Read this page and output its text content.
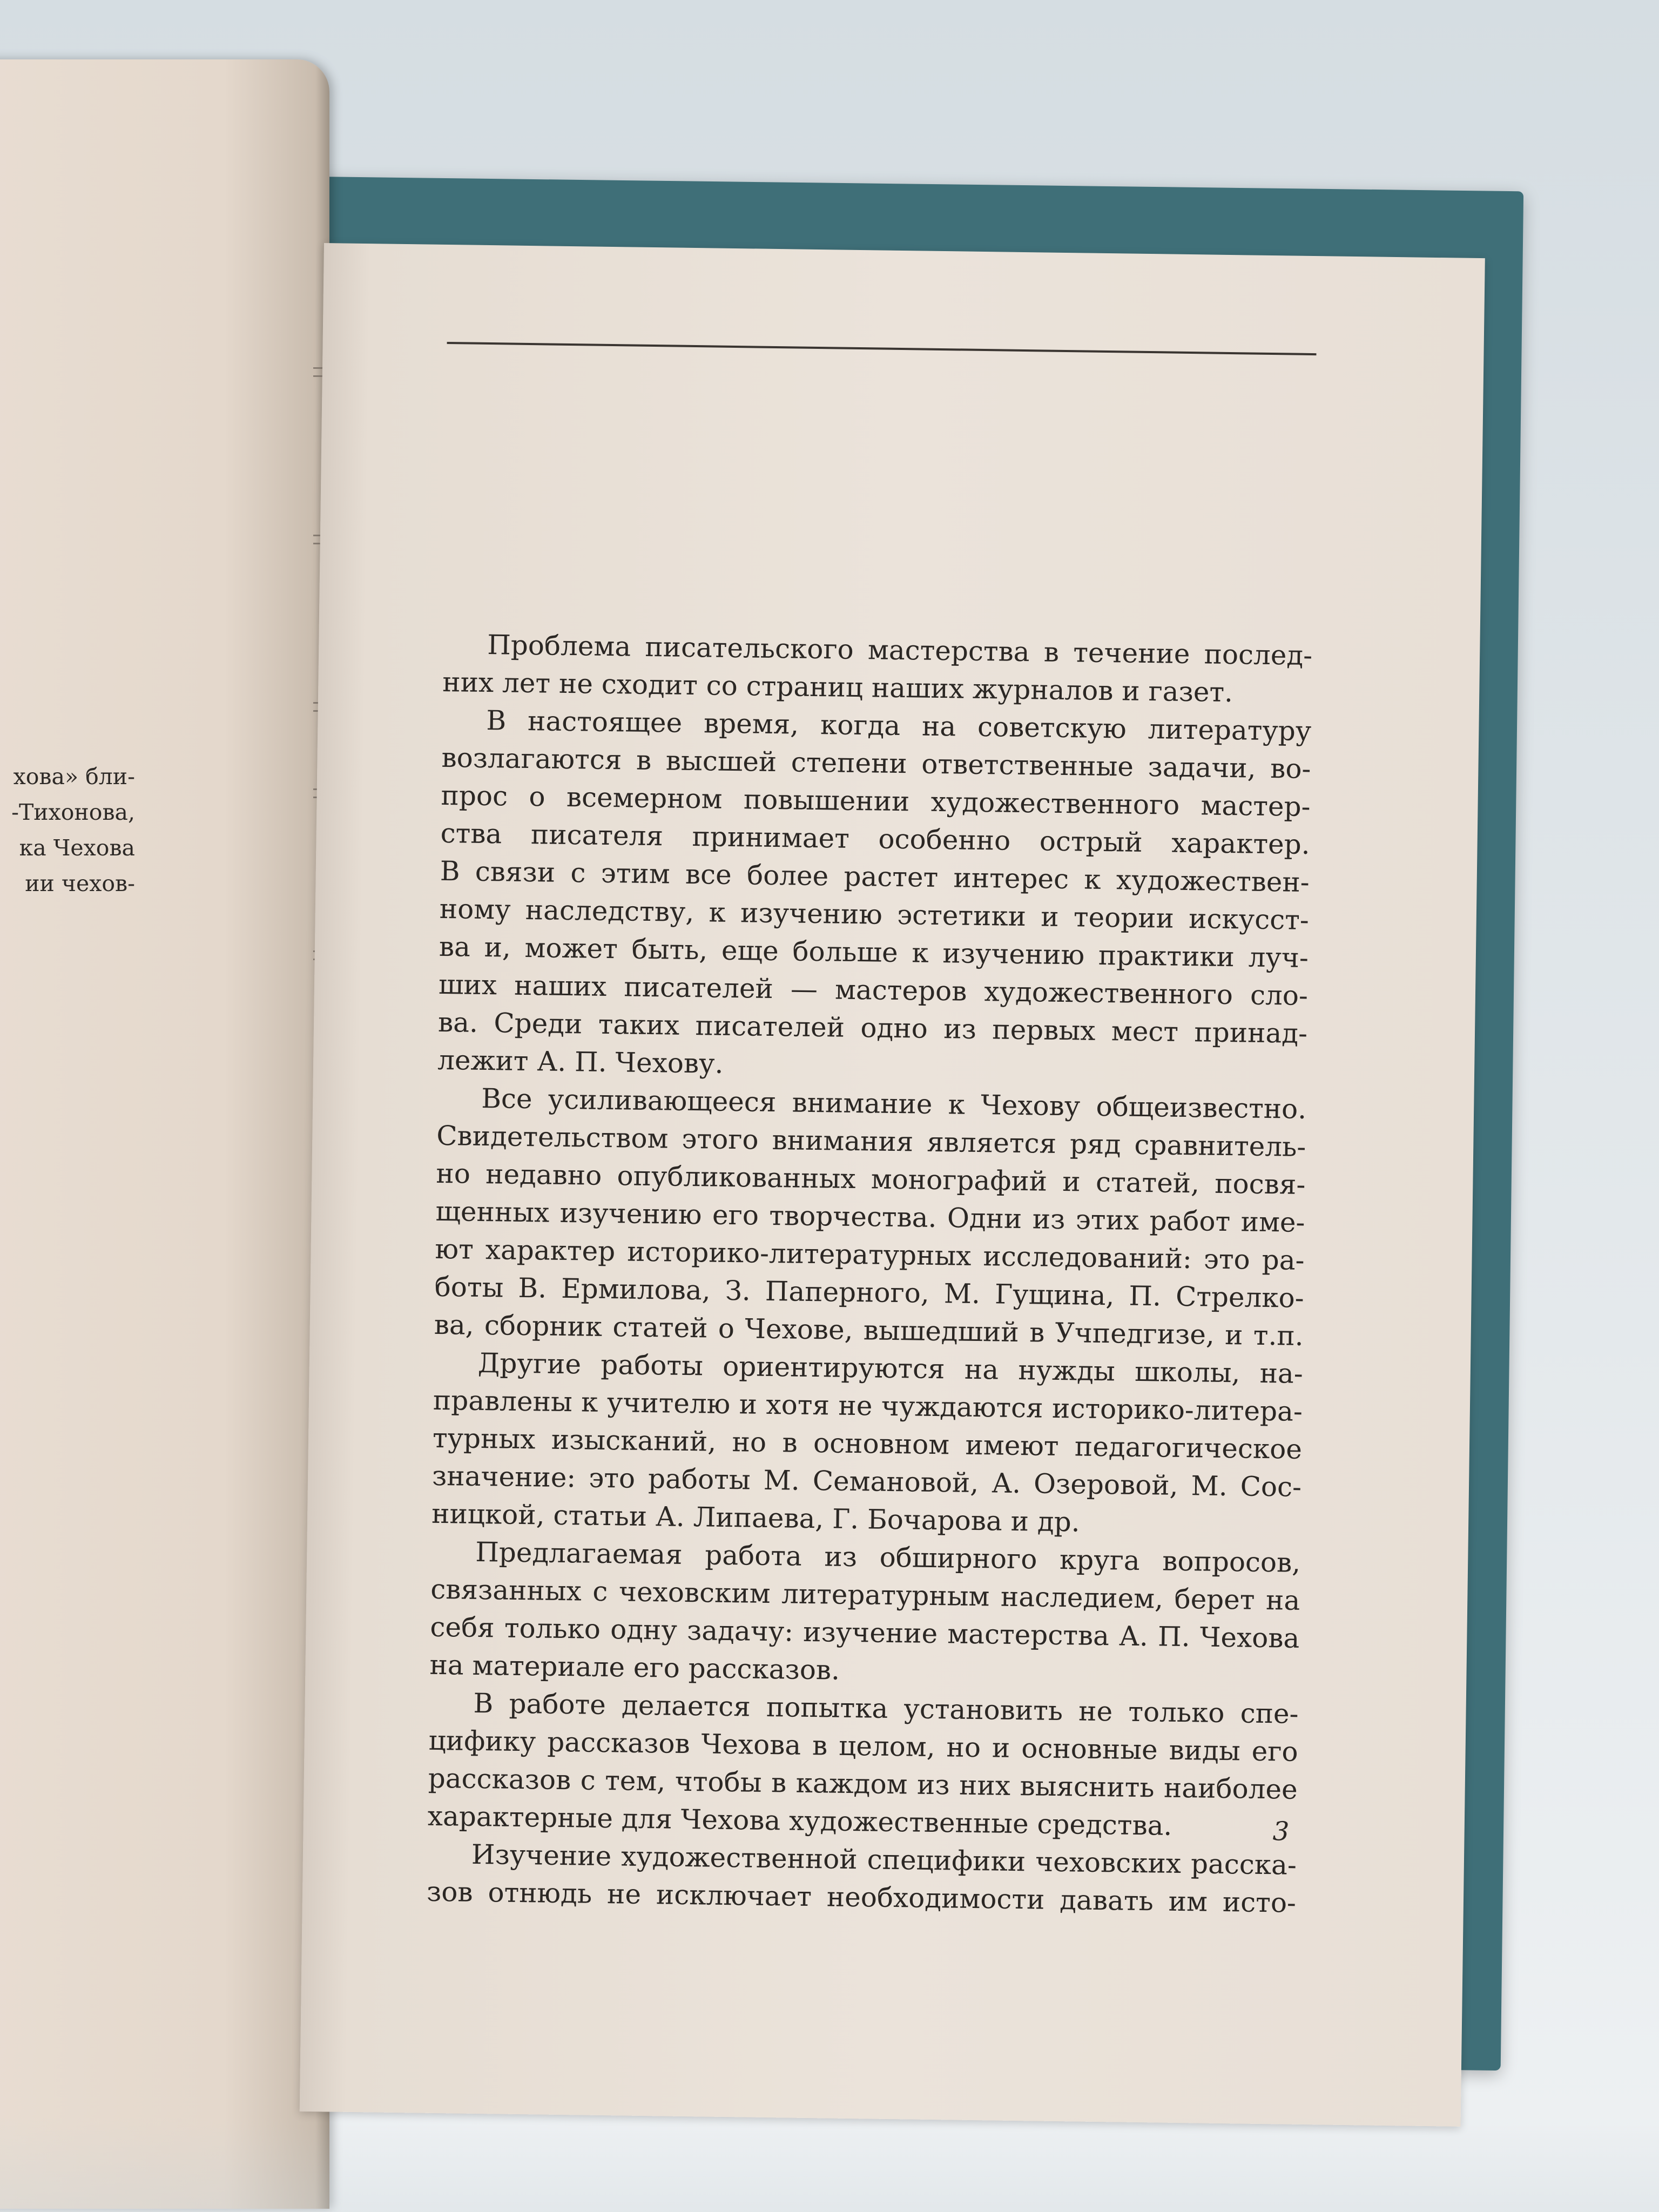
хова» бли-
-Тихонова,
ка Чехова
ии чехов-
Проблема писательского мастерства в течение послед-
них лет не сходит со страниц наших журналов и газет.
В настоящее время, когда на советскую литературу
возлагаются в высшей степени ответственные задачи, во-
прос о всемерном повышении художественного мастер-
ства писателя принимает особенно острый характер.
В связи с этим все более растет интерес к художествен-
ному наследству, к изучению эстетики и теории искусст-
ва и, может быть, еще больше к изучению практики луч-
ших наших писателей — мастеров художественного сло-
ва. Среди таких писателей одно из первых мест принад-
лежит А. П. Чехову.
Все усиливающееся внимание к Чехову общеизвестно.
Свидетельством этого внимания является ряд сравнитель-
но недавно опубликованных монографий и статей, посвя-
щенных изучению его творчества. Одни из этих работ име-
ют характер историко-литературных исследований: это ра-
боты В. Ермилова, З. Паперного, М. Гущина, П. Стрелко-
ва, сборник статей о Чехове, вышедший в Учпедгизе, и т.п.
Другие работы ориентируются на нужды школы, на-
правлены к учителю и хотя не чуждаются историко-литера-
турных изысканий, но в основном имеют педагогическое
значение: это работы М. Семановой, А. Озеровой, М. Сос-
ницкой, статьи А. Липаева, Г. Бочарова и др.
Предлагаемая работа из обширного круга вопросов,
связанных с чеховским литературным наследием, берет на
себя только одну задачу: изучение мастерства А. П. Чехова
на материале его рассказов.
В работе делается попытка установить не только спе-
цифику рассказов Чехова в целом, но и основные виды его
рассказов с тем, чтобы в каждом из них выяснить наиболее
характерные для Чехова художественные средства.
Изучение художественной специфики чеховских расска-
зов отнюдь не исключает необходимости давать им исто-
3
